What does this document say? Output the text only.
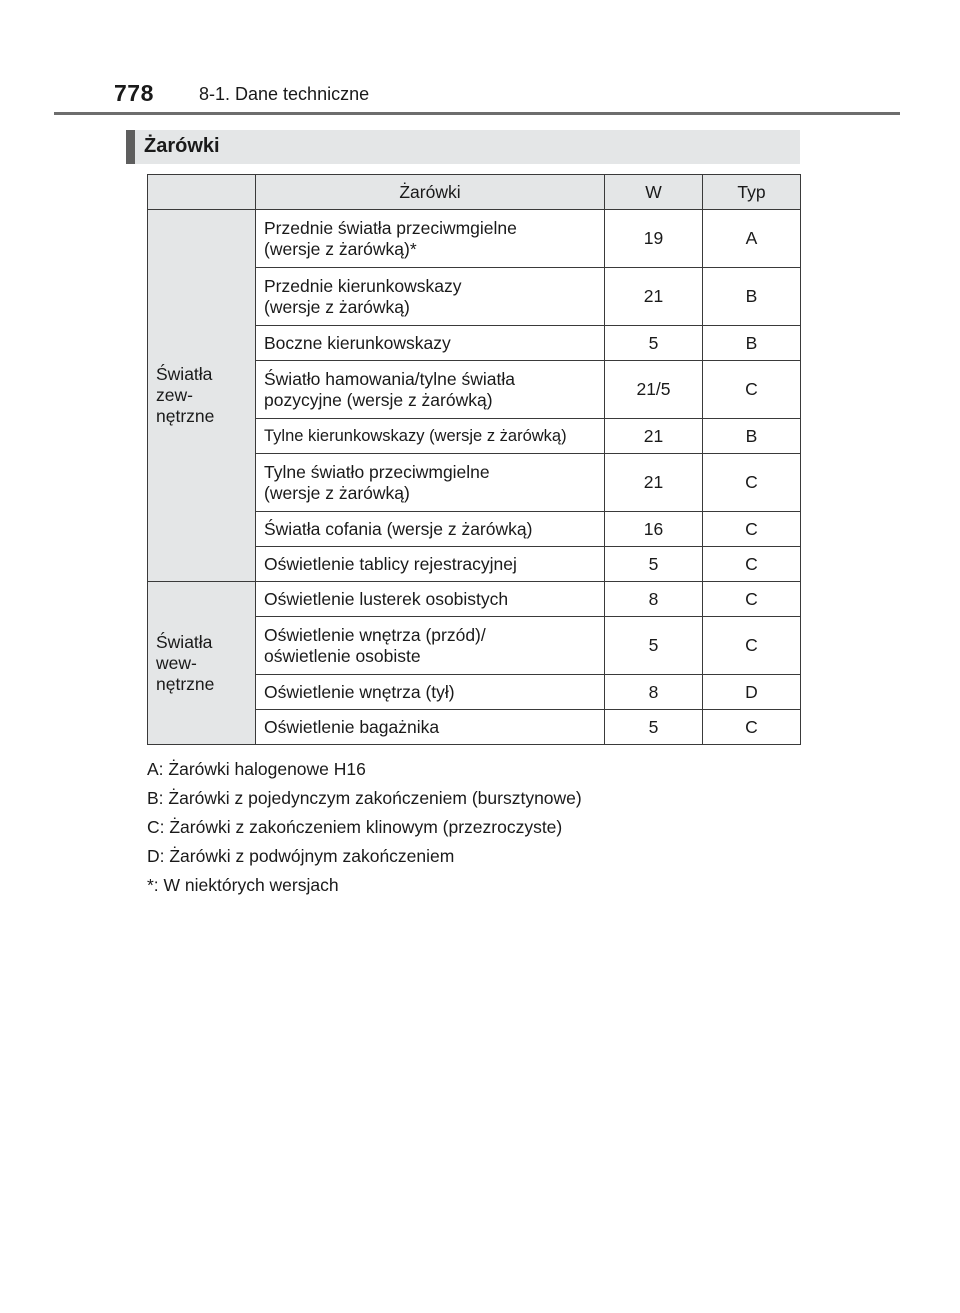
778	8-1. Dane techniczne
Żarówki
	Żarówki	W	Typ
Światła
zew-
nętrzne	Przednie światła przeciwmgielne
(wersje z żarówką)*	19	A
	Przednie kierunkowskazy
(wersje z żarówką)	21	B
	Boczne kierunkowskazy	5	B
	Światło hamowania/tylne światła
pozycyjne (wersje z żarówką)	21/5	C
	Tylne kierunkowskazy (wersje z żarówką)	21	B
	Tylne światło przeciwmgielne
(wersje z żarówką)	21	C
	Światła cofania (wersje z żarówką)	16	C
	Oświetlenie tablicy rejestracyjnej	5	C
Światła
wew-
nętrzne	Oświetlenie lusterek osobistych	8	C
	Oświetlenie wnętrza (przód)/
oświetlenie osobiste	5	C
	Oświetlenie wnętrza (tył)	8	D
	Oświetlenie bagażnika	5	C

A: Żarówki halogenowe H16

B: Żarówki z pojedynczym zakończeniem (bursztynowe)

C: Żarówki z zakończeniem klinowym (przezroczyste)

D: Żarówki z podwójnym zakończeniem

*: W niektórych wersjach
